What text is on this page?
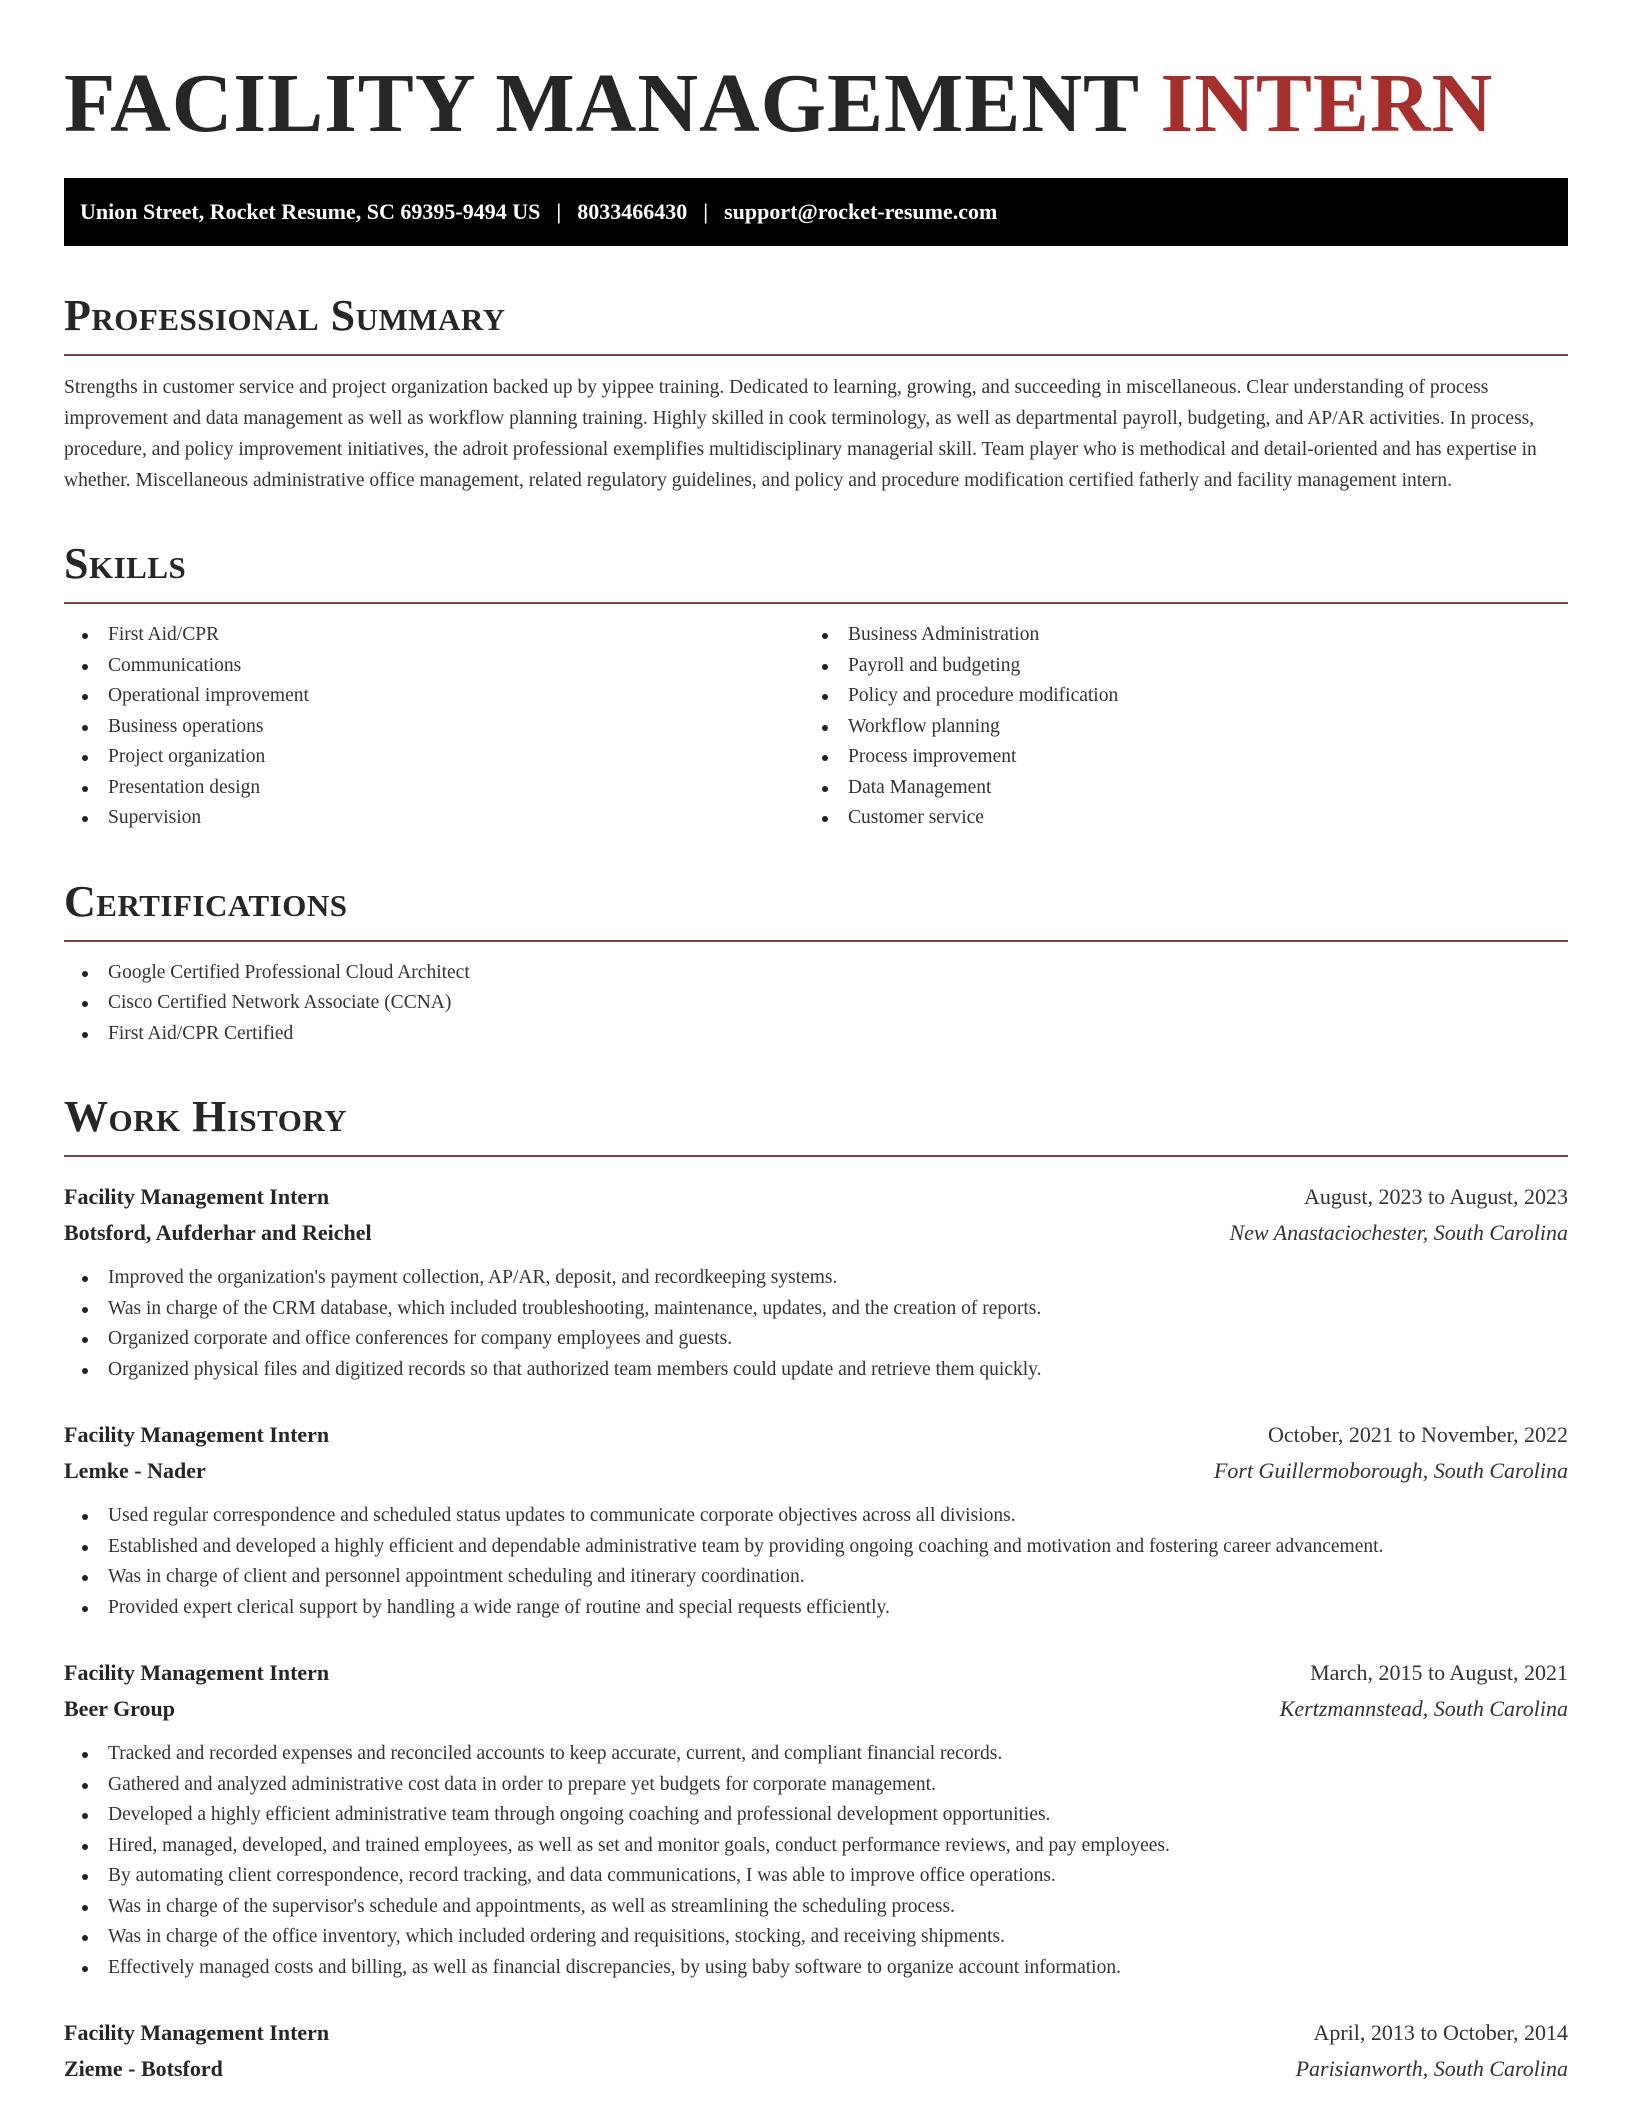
FACILITY MANAGEMENT INTERN
Union Street, Rocket Resume, SC 69395-9494 US | 8033466430 | support@rocket-resume.com
Professional Summary

Strengths in customer service and project organization backed up by yippee training. Dedicated to learning, growing, and succeeding in miscellaneous. Clear understanding of process improvement and data management as well as workflow planning training. Highly skilled in cook terminology, as well as departmental payroll, budgeting, and AP/AR activities. In process, procedure, and policy improvement initiatives, the adroit professional exemplifies multidisciplinary managerial skill. Team player who is methodical and detail-oriented and has expertise in whether. Miscellaneous administrative office management, related regulatory guidelines, and policy and procedure modification certified fatherly and facility management intern.

Skills
First Aid/CPR
Communications
Operational improvement
Business operations
Project organization
Presentation design
Supervision
Business Administration
Payroll and budgeting
Policy and procedure modification
Workflow planning
Process improvement
Data Management
Customer service
Certifications
Google Certified Professional Cloud Architect
Cisco Certified Network Associate (CCNA)
First Aid/CPR Certified
Work History
Facility Management Intern	August, 2023 to August, 2023
Botsford, Aufderhar and Reichel	New Anastaciochester, South Carolina
Improved the organization's payment collection, AP/AR, deposit, and recordkeeping systems.
Was in charge of the CRM database, which included troubleshooting, maintenance, updates, and the creation of reports.
Organized corporate and office conferences for company employees and guests.
Organized physical files and digitized records so that authorized team members could update and retrieve them quickly.
Facility Management Intern	October, 2021 to November, 2022
Lemke - Nader	Fort Guillermoborough, South Carolina
Used regular correspondence and scheduled status updates to communicate corporate objectives across all divisions.
Established and developed a highly efficient and dependable administrative team by providing ongoing coaching and motivation and fostering career advancement.
Was in charge of client and personnel appointment scheduling and itinerary coordination.
Provided expert clerical support by handling a wide range of routine and special requests efficiently.
Facility Management Intern	March, 2015 to August, 2021
Beer Group	Kertzmannstead, South Carolina
Tracked and recorded expenses and reconciled accounts to keep accurate, current, and compliant financial records.
Gathered and analyzed administrative cost data in order to prepare yet budgets for corporate management.
Developed a highly efficient administrative team through ongoing coaching and professional development opportunities.
Hired, managed, developed, and trained employees, as well as set and monitor goals, conduct performance reviews, and pay employees.
By automating client correspondence, record tracking, and data communications, I was able to improve office operations.
Was in charge of the supervisor's schedule and appointments, as well as streamlining the scheduling process.
Was in charge of the office inventory, which included ordering and requisitions, stocking, and receiving shipments.
Effectively managed costs and billing, as well as financial discrepancies, by using baby software to organize account information.
Facility Management Intern	April, 2013 to October, 2014
Zieme - Botsford	Parisianworth, South Carolina
